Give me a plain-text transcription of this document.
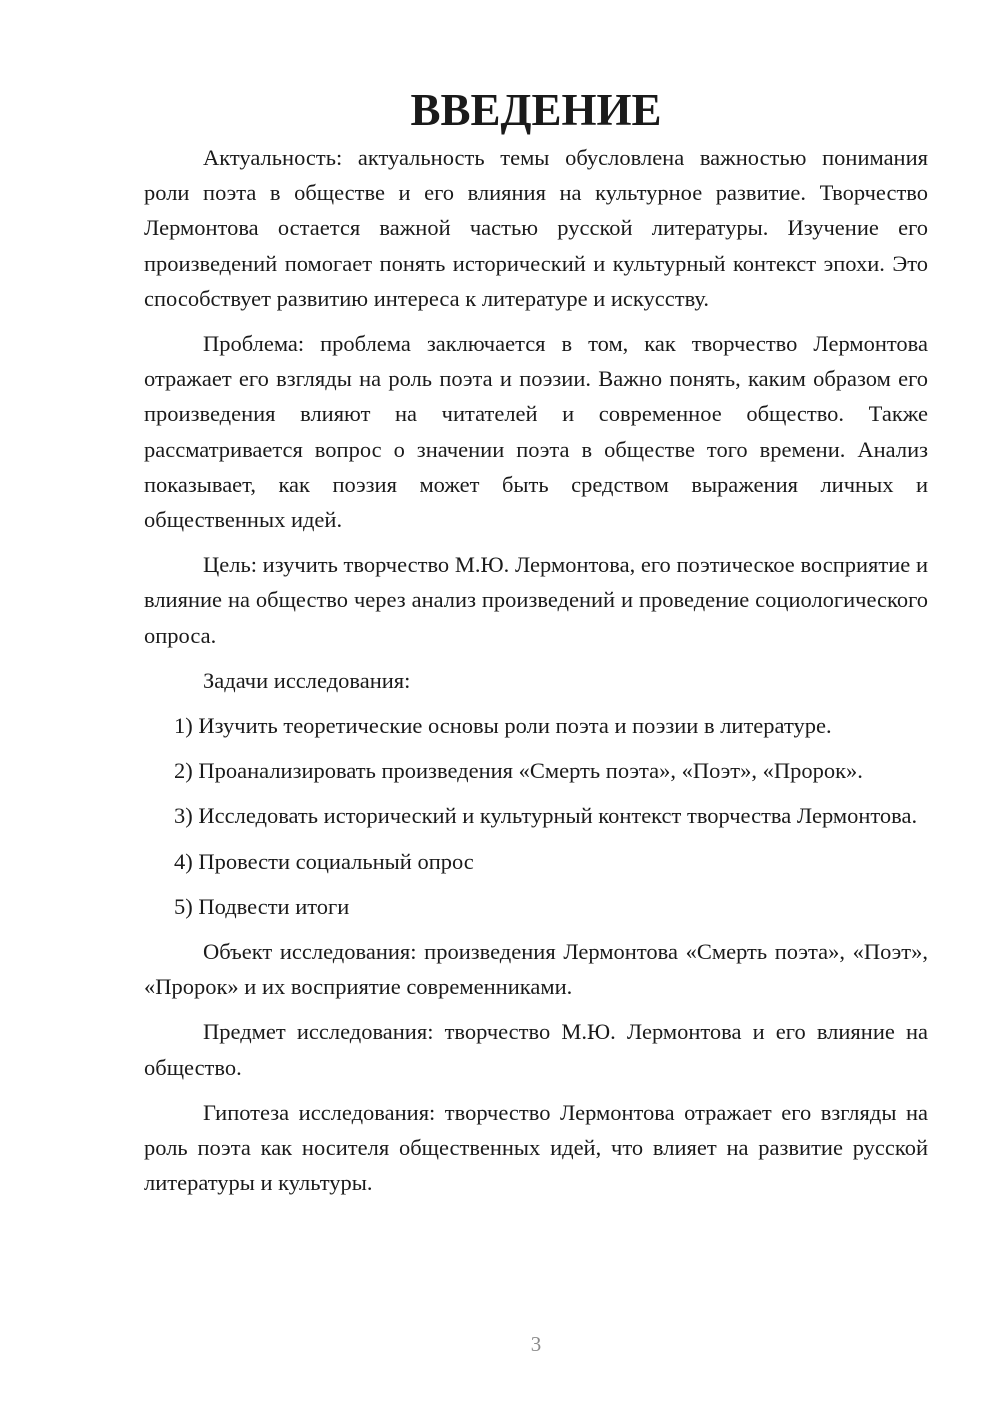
ВВЕДЕНИЕ

Актуальность: актуальность темы обусловлена важностью понимания роли поэта в обществе и его влияния на культурное развитие. Творчество Лермонтова остается важной частью русской литературы. Изучение его произведений помогает понять исторический и культурный контекст эпохи. Это способствует развитию интереса к литературе и искусству.

Проблема: проблема заключается в том, как творчество Лермонтова отражает его взгляды на роль поэта и поэзии. Важно понять, каким образом его произведения влияют на читателей и современное общество. Также рассматривается вопрос о значении поэта в обществе того времени. Анализ показывает, как поэзия может быть средством выражения личных и общественных идей.

Цель: изучить творчество М.Ю. Лермонтова, его поэтическое восприятие и влияние на общество через анализ произведений и проведение социологического опроса.

Задачи исследования:

1) Изучить теоретические основы роли поэта и поэзии в литературе.

2) Проанализировать произведения «Смерть поэта», «Поэт», «Пророк».

3) Исследовать исторический и культурный контекст творчества Лермонтова.

4) Провести социальный опрос

5) Подвести итоги

Объект исследования: произведения Лермонтова «Смерть поэта», «Поэт», «Пророк» и их восприятие современниками.

Предмет исследования: творчество М.Ю. Лермонтова и его влияние на общество.

Гипотеза исследования: творчество Лермонтова отражает его взгляды на роль поэта как носителя общественных идей, что влияет на развитие русской литературы и культуры.

3
